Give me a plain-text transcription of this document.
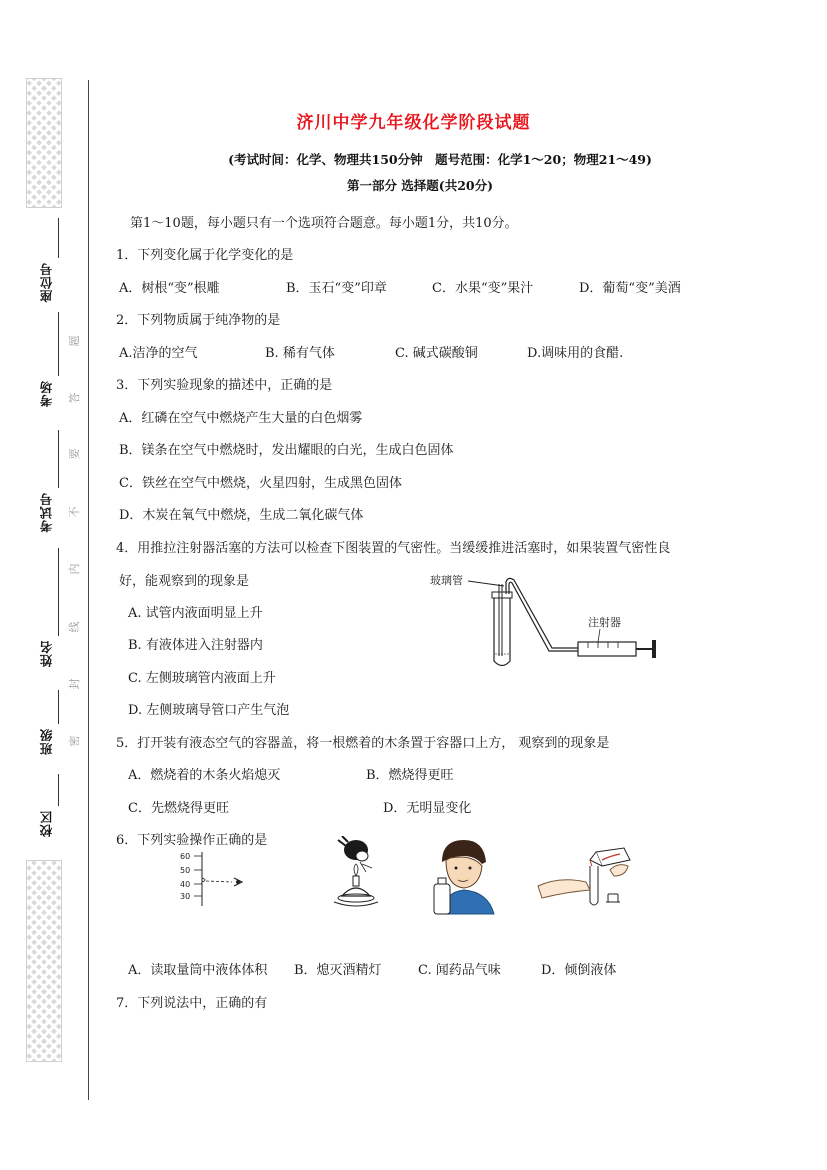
座位号
考场
考试号
姓名
班级
校区
题
答
要
不
内
线
封
密
济川中学九年级化学阶段试题
(考试时间：化学、物理共150分钟　题号范围：化学1～20；物理21～49)
第一部分 选择题(共20分)
第1～10题，每小题只有一个选项符合题意。每小题1分，共10分。
1．下列变化属于化学变化的是
A．树根“变”根雕	B．玉石“变”印章	C．水果“变”果汁	D．葡萄“变”美酒
2．下列物质属于纯净物的是
A.洁净的空气	B. 稀有气体	C. 碱式碳酸铜	D.调味用的食醋.
3．下列实验现象的描述中，正确的是
A．红磷在空气中燃烧产生大量的白色烟雾
B．镁条在空气中燃烧时，发出耀眼的白光，生成白色固体
C．铁丝在空气中燃烧，火星四射，生成黑色固体
D．木炭在氧气中燃烧，生成二氧化碳气体
4．用推拉注射器活塞的方法可以检查下图装置的气密性。当缓缓推进活塞时，如果装置气密性良
好，能观察到的现象是
A. 试管内液面明显上升
B. 有液体进入注射器内
C. 左侧玻璃管内液面上升
D. 左侧玻璃导管口产生气泡
玻璃管
注射器
5．打开装有液态空气的容器盖，将一根燃着的木条置于容器口上方， 观察到的现象是
A．燃烧着的木条火焰熄灭	B．燃烧得更旺
C．先燃烧得更旺	D．无明显变化
6．下列实验操作正确的是
60
50
40
30
A．读取量筒中液体体积 B．熄灭酒精灯	C. 闻药品气味	D．倾倒液体
7．下列说法中，正确的有
